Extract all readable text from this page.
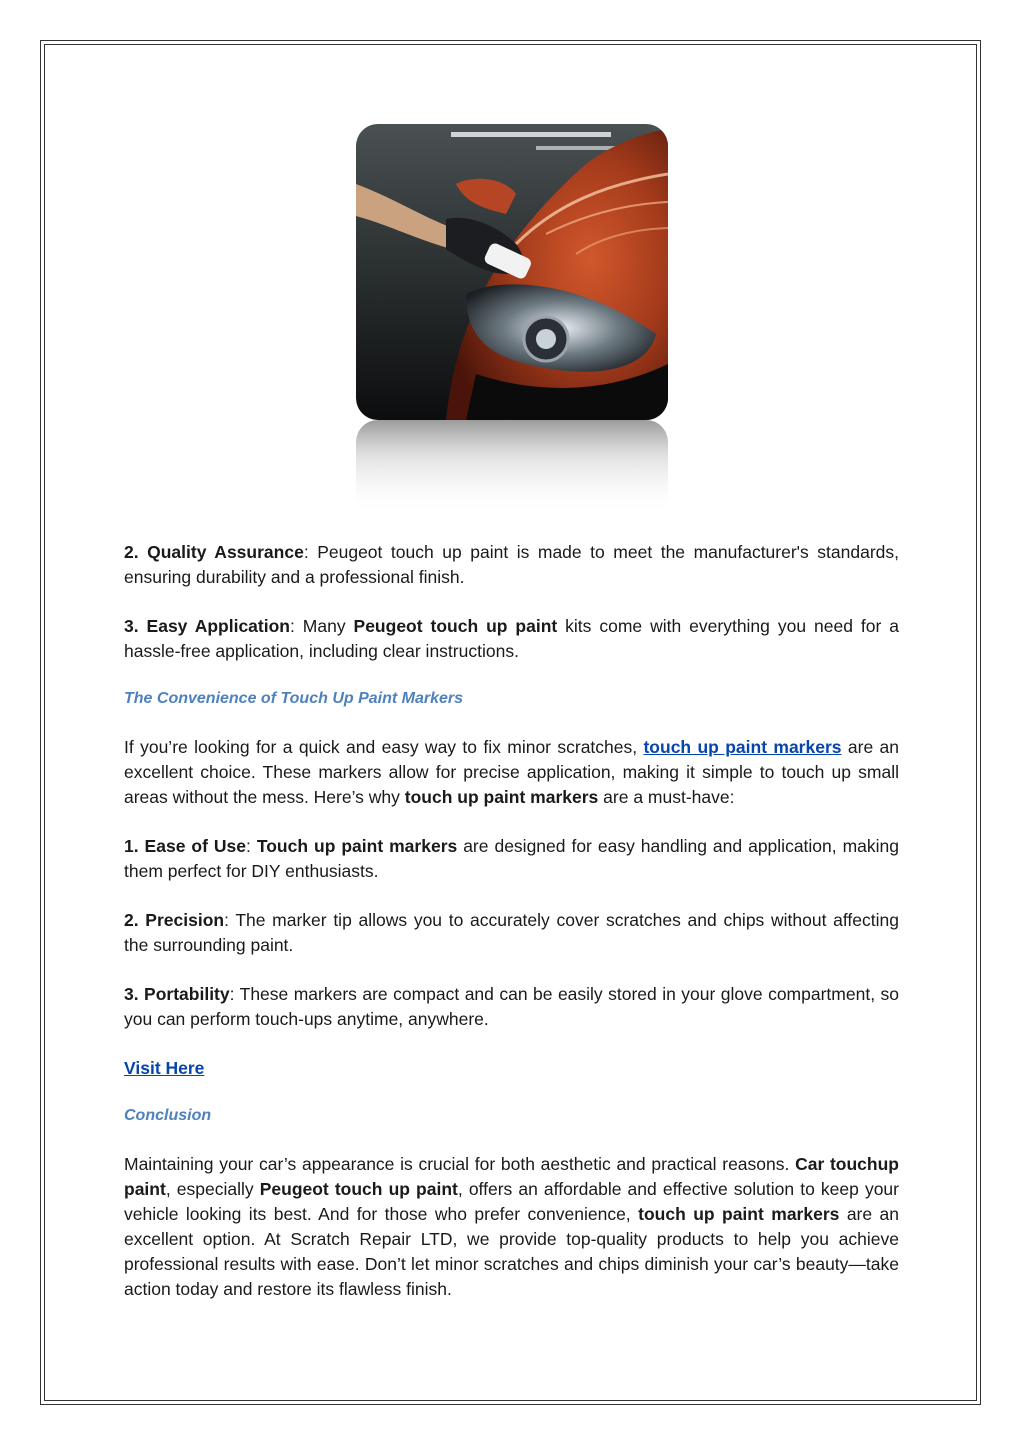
2. Quality Assurance: Peugeot touch up paint is made to meet the manufacturer's standards, ensuring durability and a professional finish.

3. Easy Application: Many Peugeot touch up paint kits come with everything you need for a hassle-free application, including clear instructions.

The Convenience of Touch Up Paint Markers

If you’re looking for a quick and easy way to fix minor scratches, touch up paint markers are an excellent choice. These markers allow for precise application, making it simple to touch up small areas without the mess. Here’s why touch up paint markers are a must-have:

1. Ease of Use: Touch up paint markers are designed for easy handling and application, making them perfect for DIY enthusiasts.

2. Precision: The marker tip allows you to accurately cover scratches and chips without affecting the surrounding paint.

3. Portability: These markers are compact and can be easily stored in your glove compartment, so you can perform touch-ups anytime, anywhere.

Visit Here

Conclusion

Maintaining your car’s appearance is crucial for both aesthetic and practical reasons. Car touchup paint, especially Peugeot touch up paint, offers an affordable and effective solution to keep your vehicle looking its best. And for those who prefer convenience, touch up paint markers are an excellent option. At Scratch Repair LTD, we provide top-quality products to help you achieve professional results with ease. Don’t let minor scratches and chips diminish your car’s beauty—take action today and restore its flawless finish.
